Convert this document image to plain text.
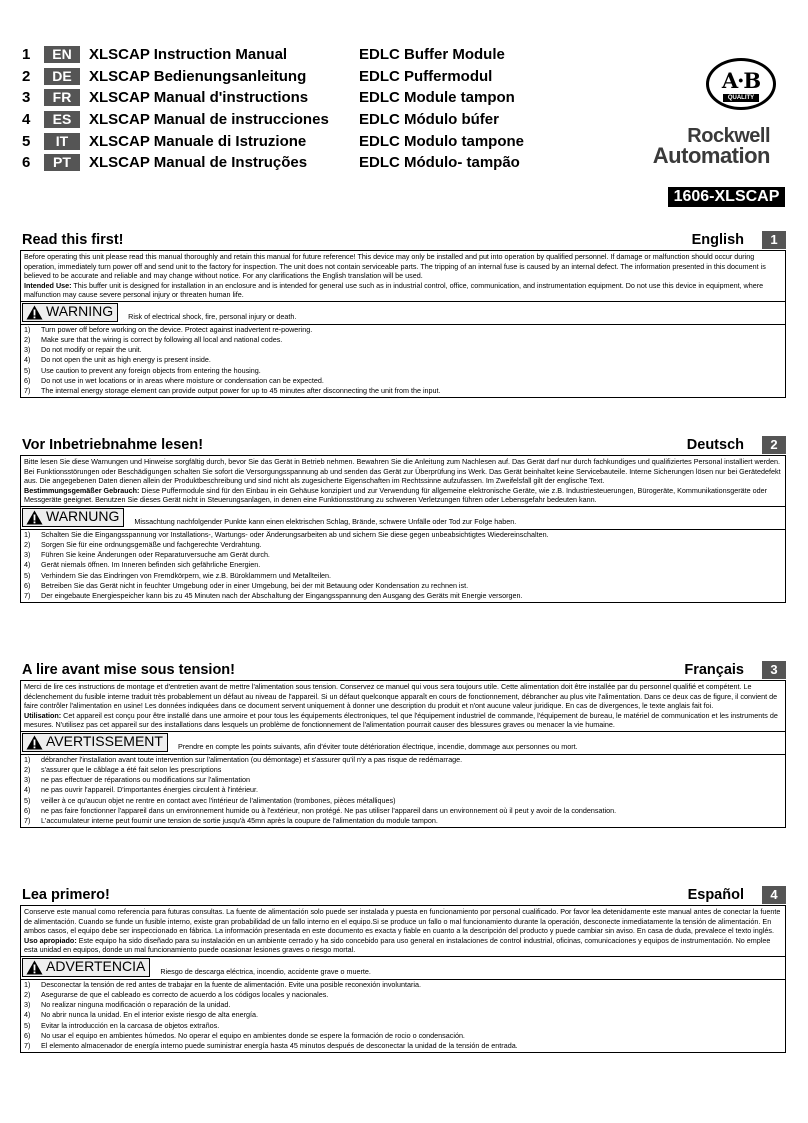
1	EN	XLSCAP Instruction Manual	EDLC Buffer Module
2	DE	XLSCAP Bedienungsanleitung	EDLC Puffermodul
3	FR	XLSCAP Manual d'instructions	EDLC Module tampon
4	ES	XLSCAP Manual de instrucciones	EDLC Módulo búfer
5	IT	XLSCAP Manuale di Istruzione	EDLC Modulo tampone
6	PT	XLSCAP Manual de Instruções	EDLC Módulo- tampão
A·B
QUALITY
Rockwell
Automation
1606-XLSCAP
Read this first!	English	1

Before operating this unit please read this manual thoroughly and retain this manual for future reference! This device may only be installed and put into operation by qualified personnel. If damage or malfunction should occur during operation, immediately turn power off and send unit to the factory for inspection. The unit does not contain serviceable parts. The tripping of an internal fuse is caused by an internal defect. The information presented in this document is believed to be accurate and reliable and may change without notice. For any clarifications the English translation will be used.

Intended Use: This buffer unit is designed for installation in an enclosure and is intended for general use such as in industrial control, office, communication, and instrumentation equipment. Do not use this device in equipment, where malfunction may cause severe personal injury or threaten human life.

WARNING Risk of electrical shock, fire, personal injury or death.
1) Turn power off before working on the device. Protect against inadvertent re-powering.
2) Make sure that the wiring is correct by following all local and national codes.
3) Do not modify or repair the unit.
4) Do not open the unit as high energy is present inside.
5) Use caution to prevent any foreign objects from entering the housing.
6) Do not use in wet locations or in areas where moisture or condensation can be expected.
7) The internal energy storage element can provide output power for up to 45 minutes after disconnecting the unit from the input.
Vor Inbetriebnahme lesen!	Deutsch	2

Bitte lesen Sie diese Warnungen und Hinweise sorgfältig durch, bevor Sie das Gerät in Betrieb nehmen. Bewahren Sie die Anleitung zum Nachlesen auf. Das Gerät darf nur durch fachkundiges und qualifiziertes Personal installiert werden. Bei Funktionsstörungen oder Beschädigungen schalten Sie sofort die Versorgungsspannung ab und senden das Gerät zur Überprüfung ins Werk. Das Gerät beinhaltet keine Servicebauteile. Interne Sicherungen lösen nur bei Gerätedefekt aus. Die angegebenen Daten dienen allein der Produktbeschreibung und sind nicht als zugesicherte Eigenschaften im Rechtssinne aufzufassen. Im Zweifelsfall gilt der englische Text.

Bestimmungsgemäßer Gebrauch: Diese Puffermodule sind für den Einbau in ein Gehäuse konzipiert und zur Verwendung für allgemeine elektronische Geräte, wie z.B. Industriesteuerungen, Bürogeräte, Kommunikationsgeräte oder Messgeräte geeignet. Benutzen Sie dieses Gerät nicht in Steuerungsanlagen, in denen eine Funktionsstörung zu schweren Verletzungen führen oder Lebensgefahr bedeuten kann.

WARNUNG Missachtung nachfolgender Punkte kann einen elektrischen Schlag, Brände, schwere Unfälle oder Tod zur Folge haben.
1) Schalten Sie die Eingangsspannung vor Installations-, Wartungs- oder Änderungsarbeiten ab und sichern Sie diese gegen unbeabsichtigtes Wiedereinschalten.
2) Sorgen Sie für eine ordnungsgemäße und fachgerechte Verdrahtung.
3) Führen Sie keine Änderungen oder Reparaturversuche am Gerät durch.
4) Gerät niemals öffnen. Im Inneren befinden sich gefährliche Energien.
5) Verhindern Sie das Eindringen von Fremdkörpern, wie z.B. Büroklammern und Metallteilen.
6) Betreiben Sie das Gerät nicht in feuchter Umgebung oder in einer Umgebung, bei der mit Betauung oder Kondensation zu rechnen ist.
7) Der eingebaute Energiespeicher kann bis zu 45 Minuten nach der Abschaltung der Eingangsspannung den Ausgang des Geräts mit Energie versorgen.
A lire avant mise sous tension!	Français	3

Merci de lire ces instructions de montage et d'entretien avant de mettre l'alimentation sous tension. Conservez ce manuel qui vous sera toujours utile. Cette alimentation doit être installée par du personnel qualifié et compétent. Le déclenchement du fusible interne traduit très probablement un défaut au niveau de l'appareil. Si un défaut quelconque apparaît en cours de fonctionnement, débrancher au plus vite l'alimentation. Dans ce deux cas de figure, il convient de faire contrôler l'alimentation en usine! Les données indiquées dans ce document servent uniquement à donner une description du produit et n'ont aucune valeur juridique. En cas de divergences, le texte anglais fait foi.

Utilisation: Cet appareil est conçu pour être installé dans une armoire et pour tous les équipements électroniques, tel que l'équipement industriel de commande, l'équipement de bureau, le matériel de communication et les instruments de mesures. N'utilisez pas cet appareil sur des installations dans lesquels un problème de fonctionnement de l'alimentation pourrait causer des blessures graves ou menacer la vie humaine.

AVERTISSEMENT Prendre en compte les points suivants, afin d'éviter toute détérioration électrique, incendie, dommage aux personnes ou mort.
1) débrancher l'installation avant toute intervention sur l'alimentation (ou démontage) et s'assurer qu'il n'y a pas risque de redémarrage.
2) s'assurer que le câblage a été fait selon les prescriptions
3) ne pas effectuer de réparations ou modifications sur l'alimentation
4) ne pas ouvrir l'appareil. D'importantes énergies circulent à l'intérieur.
5) veiller à ce qu'aucun objet ne rentre en contact avec l'intérieur de l'alimentation (trombones, pièces métalliques)
6) ne pas faire fonctionner l'appareil dans un environnement humide ou à l'extérieur, non protégé. Ne pas utiliser l'appareil dans un environnement où il peut y avoir de la condensation.
7) L'accumulateur interne peut fournir une tension de sortie jusqu'à 45mn après la coupure de l'alimentation du module tampon.
Lea primero!	Español	4

Conserve este manual como referencia para futuras consultas. La fuente de alimentación solo puede ser instalada y puesta en funcionamiento por personal cualificado. Por favor lea detenidamente este manual antes de conectar la fuente de alimentación. Cuando se funde un fusible interno, existe gran probabilidad de un fallo interno en el equipo.Si se produce un fallo o mal funcionamiento durante la operación, desconecte inmediatamente la tensión de alimentación. En ambos casos, el equipo debe ser inspeccionado en fábrica. La información presentada en este documento es exacta y fiable en cuanto a la descripción del producto y puede cambiar sin aviso. En casa de duda, prevalece el texto inglés.

Uso apropiado: Este equipo ha sido diseñado para su instalación en un ambiente cerrado y ha sido concebido para uso general en instalaciones de control industrial, oficinas, comunicaciones y equipos de instrumentación. No emplee esta unidad en equipos, donde un mal funcionamiento puede ocasionar lesiones graves o riesgo mortal.

ADVERTENCIA Riesgo de descarga eléctrica, incendio, accidente grave o muerte.
1) Desconectar la tensión de red antes de trabajar en la fuente de alimentación. Evite una posible reconexión involuntaria.
2) Asegurarse de que el cableado es correcto de acuerdo a los códigos locales y nacionales.
3) No realizar ninguna modificación o reparación de la unidad.
4) No abrir nunca la unidad. En el interior existe riesgo de alta energía.
5) Evitar la introducción en la carcasa de objetos extraños.
6) No usar el equipo en ambientes húmedos. No operar el equipo en ambientes donde se espere la formación de rocio o condensación.
7) El elemento almacenador de energía interno puede suministrar energía hasta 45 minutos después de desconectar la unidad de la tensión de entrada.
